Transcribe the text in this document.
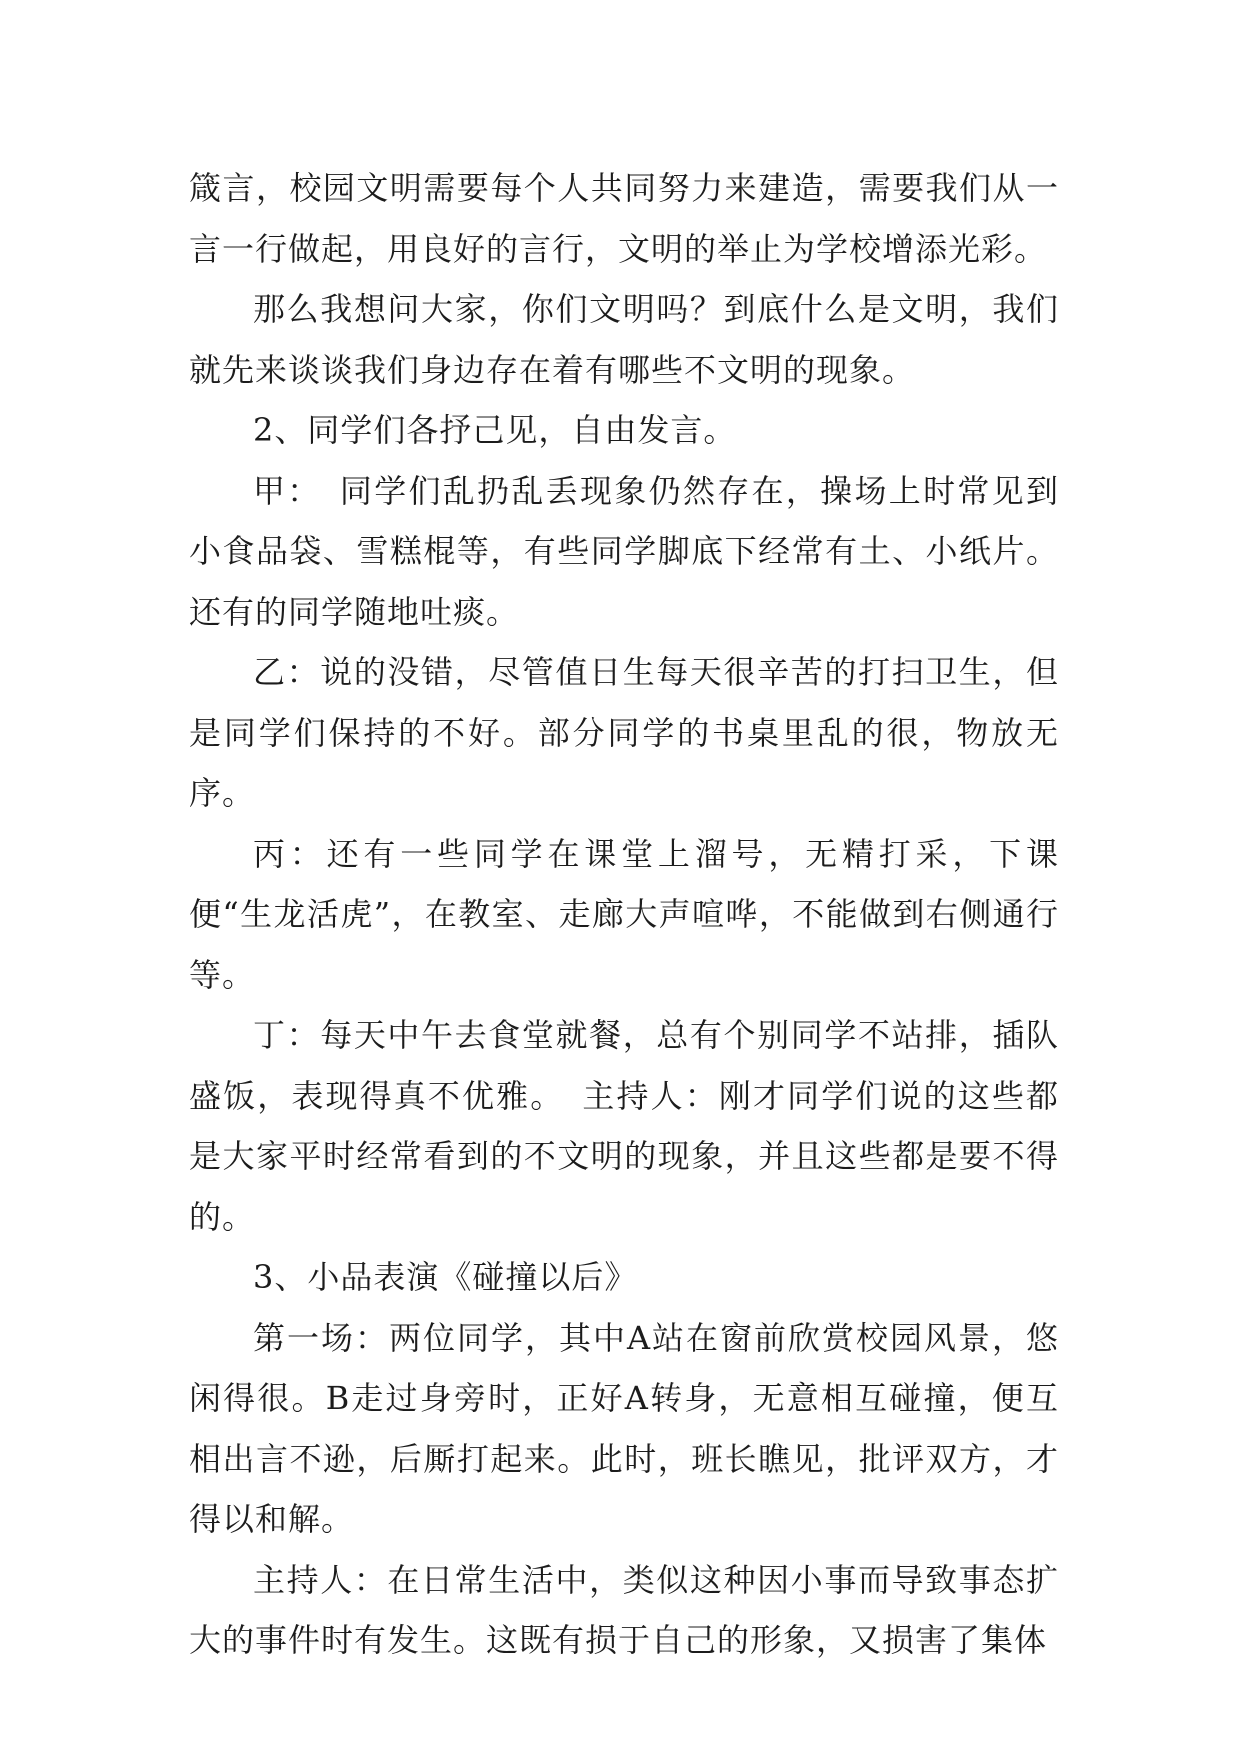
箴言，校园文明需要每个人共同努力来建造，需要我们从一言一行做起，用良好的言行，文明的举止为学校增添光彩。

那么我想问大家，你们文明吗？到底什么是文明，我们就先来谈谈我们身边存在着有哪些不文明的现象。

2、同学们各抒己见，自由发言。

甲：　同学们乱扔乱丢现象仍然存在，操场上时常见到小食品袋、雪糕棍等，有些同学脚底下经常有土、小纸片。还有的同学随地吐痰。

乙：说的没错，尽管值日生每天很辛苦的打扫卫生，但是同学们保持的不好。部分同学的书桌里乱的很，物放无序。

丙：还有一些同学在课堂上溜号，无精打采，下课便“生龙活虎”，在教室、走廊大声喧哗，不能做到右侧通行等。

丁：每天中午去食堂就餐，总有个别同学不站排，插队盛饭，表现得真不优雅。　主持人：刚才同学们说的这些都是大家平时经常看到的不文明的现象，并且这些都是要不得的。

3、小品表演《碰撞以后》

第一场：两位同学，其中A站在窗前欣赏校园风景，悠闲得很。B走过身旁时，正好A转身，无意相互碰撞，便互相出言不逊，后厮打起来。此时，班长瞧见，批评双方，才得以和解。

主持人：在日常生活中，类似这种因小事而导致事态扩大的事件时有发生。这既有损于自己的形象，又损害了集体
